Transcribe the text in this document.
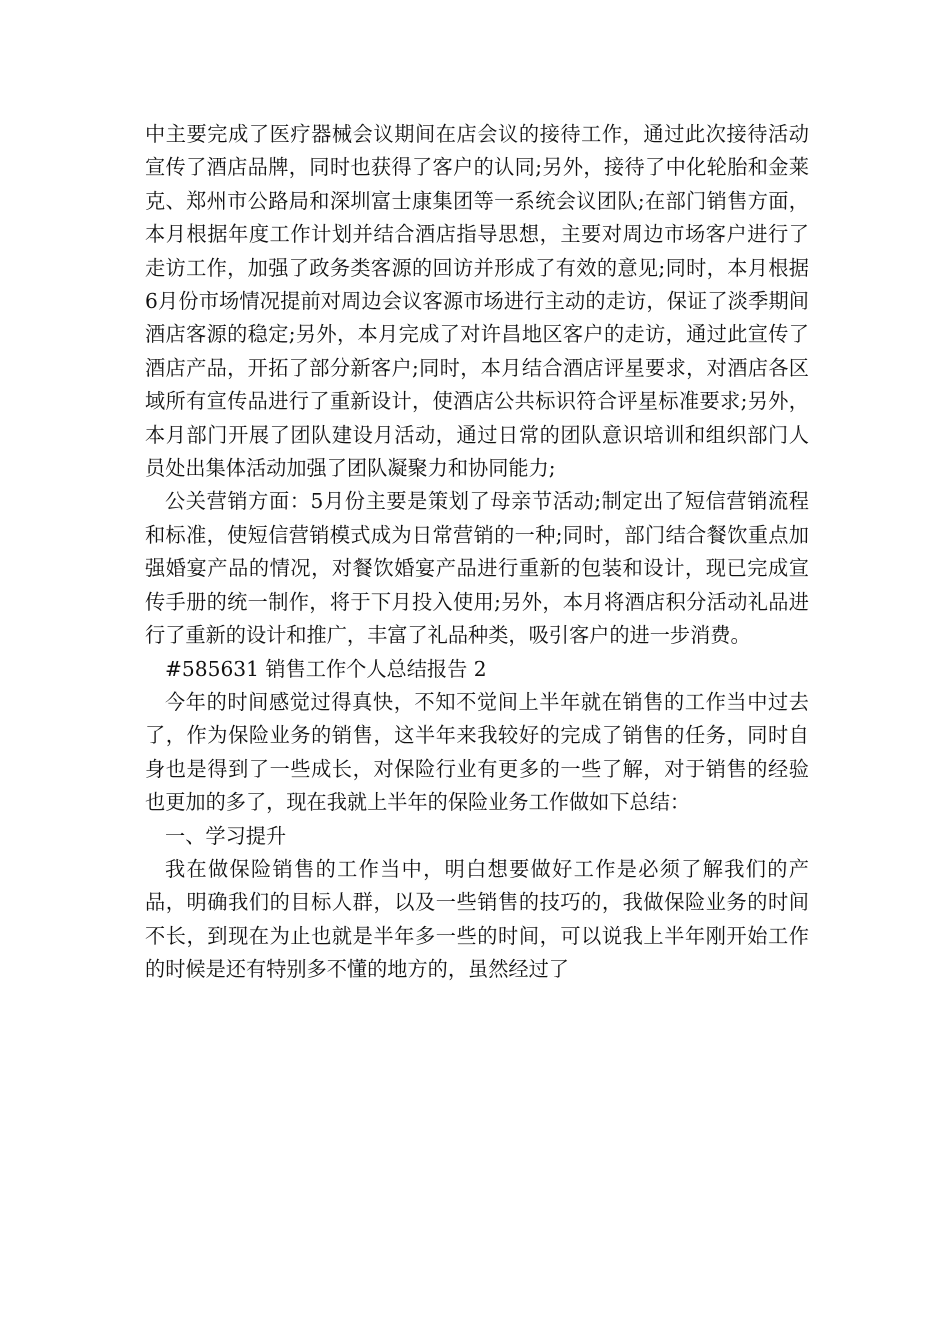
中主要完成了医疗器械会议期间在店会议的接待工作，通过此次接待活动宣传了酒店品牌，同时也获得了客户的认同;另外，接待了中化轮胎和金莱克、郑州市公路局和深圳富士康集团等一系统会议团队;在部门销售方面，本月根据年度工作计划并结合酒店指导思想，主要对周边市场客户进行了走访工作，加强了政务类客源的回访并形成了有效的意见;同时，本月根据6月份市场情况提前对周边会议客源市场进行主动的走访，保证了淡季期间酒店客源的稳定;另外，本月完成了对许昌地区客户的走访，通过此宣传了酒店产品，开拓了部分新客户;同时，本月结合酒店评星要求，对酒店各区域所有宣传品进行了重新设计，使酒店公共标识符合评星标准要求;另外，本月部门开展了团队建设月活动，通过日常的团队意识培训和组织部门人员处出集体活动加强了团队凝聚力和协同能力;

公关营销方面：5月份主要是策划了母亲节活动;制定出了短信营销流程和标准，使短信营销模式成为日常营销的一种;同时，部门结合餐饮重点加强婚宴产品的情况，对餐饮婚宴产品进行重新的包装和设计，现已完成宣传手册的统一制作，将于下月投入使用;另外，本月将酒店积分活动礼品进行了重新的设计和推广，丰富了礼品种类，吸引客户的进一步消费。

#585631 销售工作个人总结报告 2

今年的时间感觉过得真快，不知不觉间上半年就在销售的工作当中过去了，作为保险业务的销售，这半年来我较好的完成了销售的任务，同时自身也是得到了一些成长，对保险行业有更多的一些了解，对于销售的经验也更加的多了，现在我就上半年的保险业务工作做如下总结：

一、学习提升

我在做保险销售的工作当中，明白想要做好工作是必须了解我们的产品，明确我们的目标人群，以及一些销售的技巧的，我做保险业务的时间不长，到现在为止也就是半年多一些的时间，可以说我上半年刚开始工作的时候是还有特别多不懂的地方的，虽然经过了
